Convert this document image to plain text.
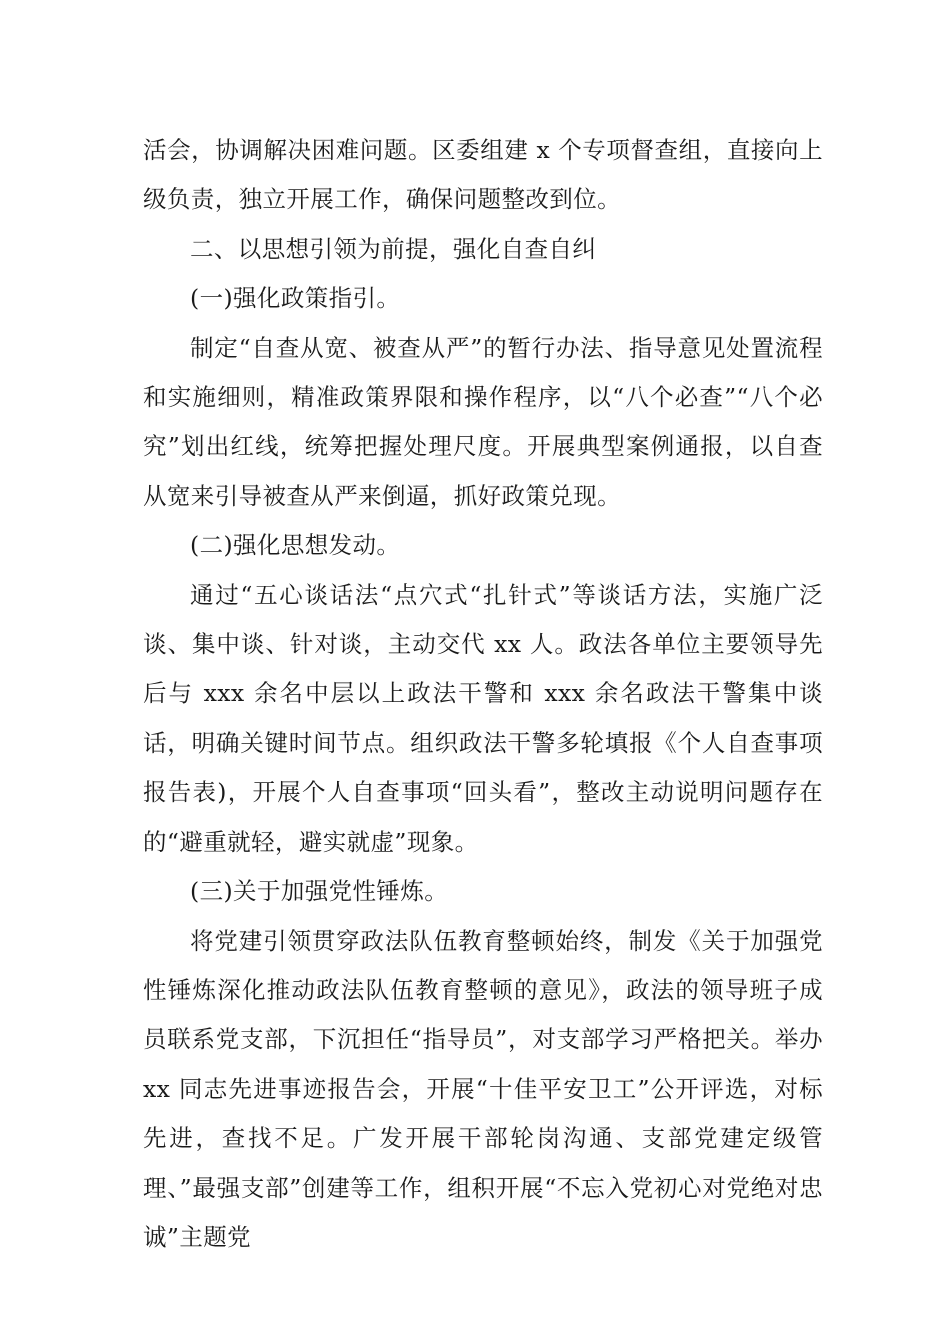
活会，协调解决困难问题。区委组建 x 个专项督查组，直接向上级负责，独立开展工作，确保问题整改到位。

二、以思想引领为前提，强化自查自纠

(一)强化政策指引。

制定“自查从宽、被查从严”的暂行办法、指导意见处置流程和实施细则，精准政策界限和操作程序，以“八个必查”“八个必究”划出红线，统筹把握处理尺度。开展典型案例通报，以自查从宽来引导被查从严来倒逼，抓好政策兑现。

(二)强化思想发动。

通过“五心谈话法“点穴式“扎针式”等谈话方法，实施广泛谈、集中谈、针对谈，主动交代 xx 人。政法各单位主要领导先后与 xxx 余名中层以上政法干警和 xxx 余名政法干警集中谈话，明确关键时间节点。组织政法干警多轮填报《个人自查事项报告表)，开展个人自查事项“回头看”，整改主动说明问题存在的“避重就轻，避实就虚”现象。

(三)关于加强党性锤炼。

将党建引领贯穿政法队伍教育整顿始终，制发《关于加强党性锤炼深化推动政法队伍教育整顿的意见》，政法的领导班子成员联系党支部，下沉担任“指导员”，对支部学习严格把关。举办 xx 同志先进事迹报告会，开展“十佳平安卫工”公开评选，对标先进，查找不足。广发开展干部轮岗沟通、支部党建定级管理、”最强支部”创建等工作，组积开展“不忘入党初心对党绝对忠诚”主题党
